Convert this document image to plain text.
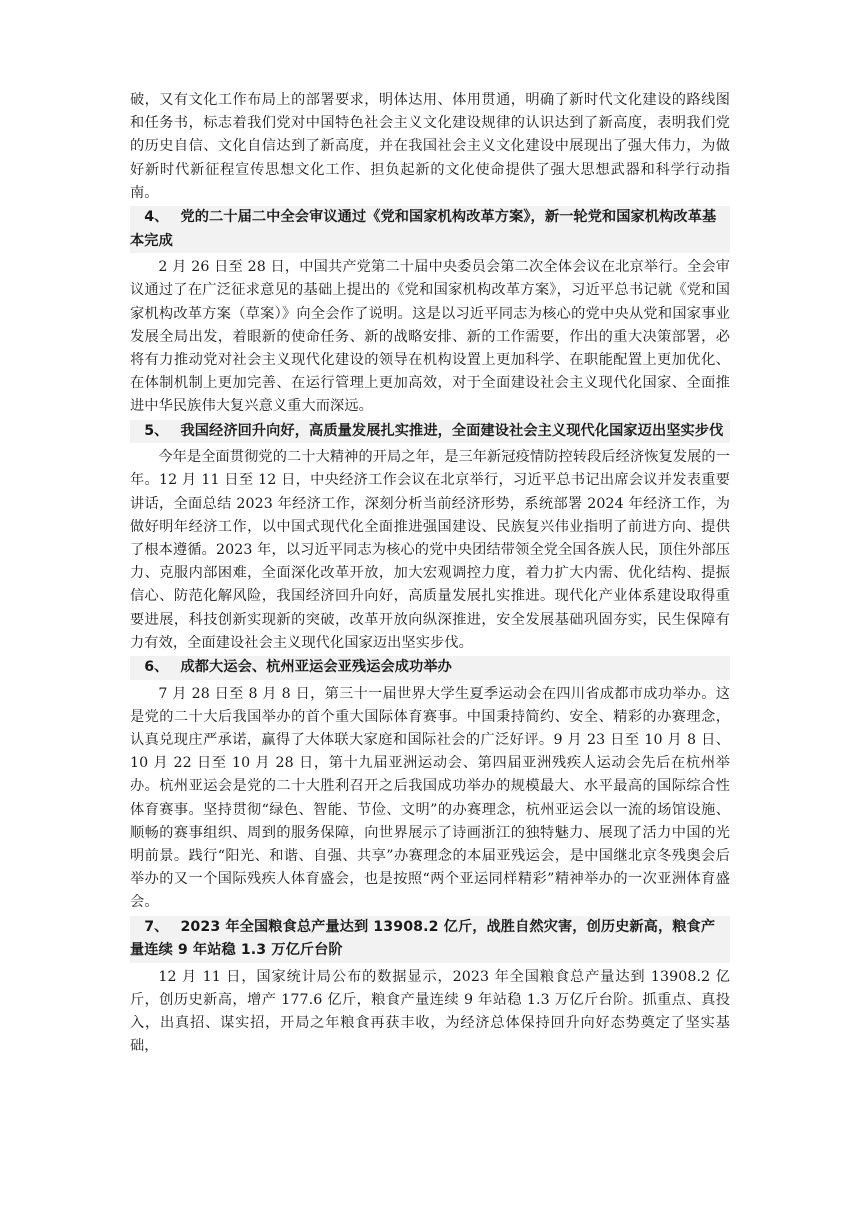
破，又有文化工作布局上的部署要求，明体达用、体用贯通，明确了新时代文化建设的路线图和任务书，标志着我们党对中国特色社会主义文化建设规律的认识达到了新高度，表明我们党的历史自信、文化自信达到了新高度，并在我国社会主义文化建设中展现出了强大伟力，为做好新时代新征程宣传思想文化工作、担负起新的文化使命提供了强大思想武器和科学行动指南。

4、 党的二十届二中全会审议通过《党和国家机构改革方案》，新一轮党和国家机构改革基本完成

2 月 26 日至 28 日，中国共产党第二十届中央委员会第二次全体会议在北京举行。全会审议通过了在广泛征求意见的基础上提出的《党和国家机构改革方案》，习近平总书记就《党和国家机构改革方案（草案）》向全会作了说明。这是以习近平同志为核心的党中央从党和国家事业发展全局出发，着眼新的使命任务、新的战略安排、新的工作需要，作出的重大决策部署，必将有力推动党对社会主义现代化建设的领导在机构设置上更加科学、在职能配置上更加优化、在体制机制上更加完善、在运行管理上更加高效，对于全面建设社会主义现代化国家、全面推进中华民族伟大复兴意义重大而深远。

5、 我国经济回升向好，高质量发展扎实推进，全面建设社会主义现代化国家迈出坚实步伐

今年是全面贯彻党的二十大精神的开局之年，是三年新冠疫情防控转段后经济恢复发展的一年。12 月 11 日至 12 日，中央经济工作会议在北京举行，习近平总书记出席会议并发表重要讲话，全面总结 2023 年经济工作，深刻分析当前经济形势，系统部署 2024 年经济工作，为做好明年经济工作，以中国式现代化全面推进强国建设、民族复兴伟业指明了前进方向、提供了根本遵循。2023 年，以习近平同志为核心的党中央团结带领全党全国各族人民，顶住外部压力、克服内部困难，全面深化改革开放，加大宏观调控力度，着力扩大内需、优化结构、提振信心、防范化解风险，我国经济回升向好，高质量发展扎实推进。现代化产业体系建设取得重要进展，科技创新实现新的突破，改革开放向纵深推进，安全发展基础巩固夯实，民生保障有力有效，全面建设社会主义现代化国家迈出坚实步伐。

6、 成都大运会、杭州亚运会亚残运会成功举办

7 月 28 日至 8 月 8 日，第三十一届世界大学生夏季运动会在四川省成都市成功举办。这是党的二十大后我国举办的首个重大国际体育赛事。中国秉持简约、安全、精彩的办赛理念，认真兑现庄严承诺，赢得了大体联大家庭和国际社会的广泛好评。9 月 23 日至 10 月 8 日、10 月 22 日至 10 月 28 日，第十九届亚洲运动会、第四届亚洲残疾人运动会先后在杭州举办。杭州亚运会是党的二十大胜利召开之后我国成功举办的规模最大、水平最高的国际综合性体育赛事。坚持贯彻“绿色、智能、节俭、文明”的办赛理念，杭州亚运会以一流的场馆设施、顺畅的赛事组织、周到的服务保障，向世界展示了诗画浙江的独特魅力、展现了活力中国的光明前景。践行“阳光、和谐、自强、共享”办赛理念的本届亚残运会，是中国继北京冬残奥会后举办的又一个国际残疾人体育盛会，也是按照“两个亚运同样精彩”精神举办的一次亚洲体育盛会。

7、 2023 年全国粮食总产量达到 13908.2 亿斤，战胜自然灾害，创历史新高，粮食产量连续 9 年站稳 1.3 万亿斤台阶

12 月 11 日，国家统计局公布的数据显示，2023 年全国粮食总产量达到 13908.2 亿斤，创历史新高，增产 177.6 亿斤，粮食产量连续 9 年站稳 1.3 万亿斤台阶。抓重点、真投入，出真招、谋实招，开局之年粮食再获丰收，为经济总体保持回升向好态势奠定了坚实基础，
